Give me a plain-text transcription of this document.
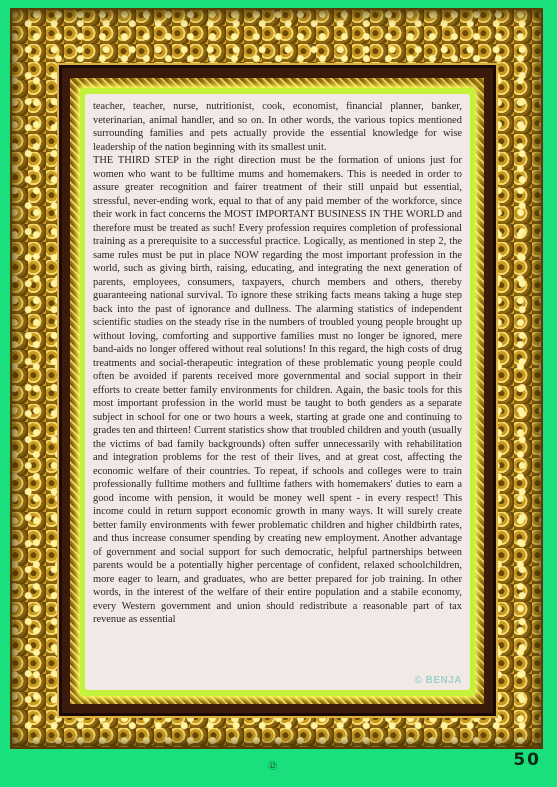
teacher, teacher, nurse, nutritionist, cook, economist, financial planner, banker, veterinarian, animal handler, and so on. In other words, the various topics mentioned surrounding families and pets actually provide the essential knowledge for wise leadership of the nation beginning with its smallest unit.
THE THIRD STEP in the right direction must be the formation of unions just for women who want to be fulltime mums and homemakers. This is needed in order to assure greater recognition and fairer treatment of their still unpaid but essential, stressful, never-ending work, equal to that of any paid member of the workforce, since their work in fact concerns the MOST IMPORTANT BUSINESS IN THE WORLD and therefore must be treated as such! Every profession requires completion of professional training as a prerequisite to a successful practice. Logically, as mentioned in step 2, the same rules must be put in place NOW regarding the most important profession in the world, such as giving birth, raising, educating, and integrating the next generation of parents, employees, consumers, taxpayers, church members and others, thereby guaranteeing national survival. To ignore these striking facts means taking a huge step back into the past of ignorance and dullness. The alarming statistics of independent scientific studies on the steady rise in the numbers of troubled young people brought up without loving, comforting and supportive families must no longer be ignored, mere band-aids no longer offered without real solutions! In this regard, the high costs of drug treatments and social-therapeutic integration of these problematic young people could often be avoided if parents received more governmental and social support in their efforts to create better family environments for children. Again, the basic tools for this most important profession in the world must be taught to both genders as a separate subject in school for one or two hours a week, starting at grade one and continuing to grades ten and thirteen! Current statistics show that troubled children and youth (usually the victims of bad family backgrounds) often suffer unnecessarily with rehabilitation and integration problems for the rest of their lives, and at great cost, affecting the economic welfare of their countries. To repeat, if schools and colleges were to train professionally fulltime mothers and fulltime fathers with homemakers' duties to earn a good income with pension, it would be money well spent - in every respect! This income could in return support economic growth in many ways. It will surely create better family environments with fewer problematic children and higher childbirth rates, and thus increase consumer spending by creating new employment. Another advantage of government and social support for such democratic, helpful partnerships between parents would be a potentially higher percentage of confident, relaxed schoolchildren, more eager to learn, and graduates, who are better prepared for job training. In other words, in the interest of the welfare of their entire population and a stabile economy, every Western government and union should redistribute a reasonable part of tax revenue as essential

© BENJA
⑫	50
